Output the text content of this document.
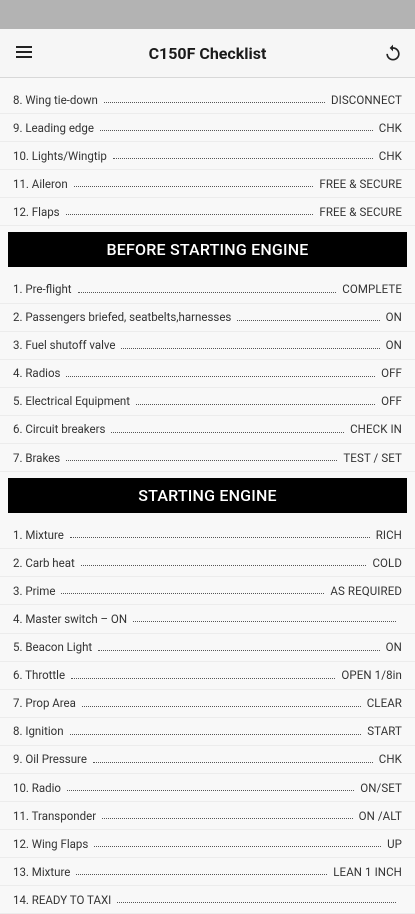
C150F Checklist
8. Wing tie-down	DISCONNECT
9. Leading edge	CHK
10. Lights/Wingtip	CHK
11. Aileron	FREE & SECURE
12. Flaps	FREE & SECURE
BEFORE STARTING ENGINE
1. Pre-flight	COMPLETE
2. Passengers briefed, seatbelts,harnesses	ON
3. Fuel shutoff valve	ON
4. Radios	OFF
5. Electrical Equipment	OFF
6. Circuit breakers	CHECK IN
7. Brakes	TEST / SET
STARTING ENGINE
1. Mixture	RICH
2. Carb heat	COLD
3. Prime	AS REQUIRED
4. Master switch – ON
5. Beacon Light	ON
6. Throttle	OPEN 1/8in
7. Prop Area	CLEAR
8. Ignition	START
9. Oil Pressure	CHK
10. Radio	ON/SET
11. Transponder	ON /ALT
12. Wing Flaps	UP
13. Mixture	LEAN 1 INCH
14. READY TO TAXI
